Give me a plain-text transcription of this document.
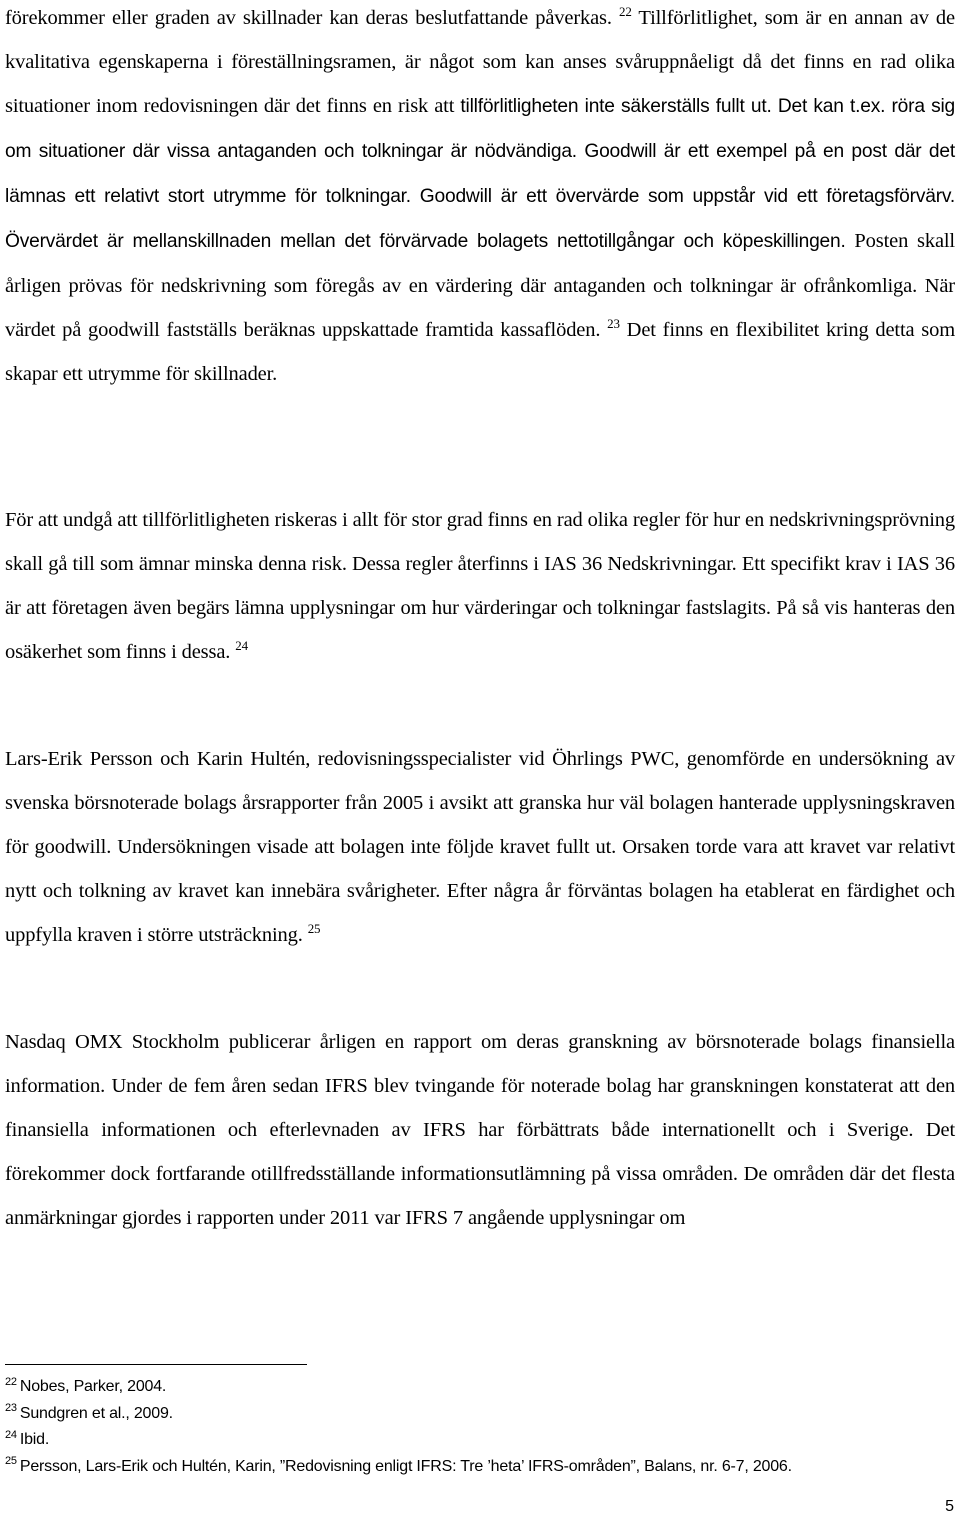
förekommer eller graden av skillnader kan deras beslutfattande påverkas. $^{22}$ Tillförlitlighet, som är en annan av de kvalitativa egenskaperna i föreställningsramen, är något som kan anses svåruppnåeligt då det finns en rad olika situationer inom redovisningen där det finns en risk att tillförlitligheten inte säkerställs fullt ut. Det kan t.ex. röra sig om situationer där vissa antaganden och tolkningar är nödvändiga. Goodwill är ett exempel på en post där det lämnas ett relativt stort utrymme för tolkningar. Goodwill är ett övervärde som uppstår vid ett företagsförvärv. Övervärdet är mellanskillnaden mellan det förvärvade bolagets nettotillgångar och köpeskillingen. Posten skall årligen prövas för nedskrivning som föregås av en värdering där antaganden och tolkningar är ofrånkomliga. När värdet på goodwill fastställs beräknas uppskattade framtida kassaflöden. $^{23}$ Det finns en flexibilitet kring detta som skapar ett utrymme för skillnader.

För att undgå att tillförlitligheten riskeras i allt för stor grad finns en rad olika regler för hur en nedskrivningsprövning skall gå till som ämnar minska denna risk. Dessa regler återfinns i IAS 36 Nedskrivningar. Ett specifikt krav i IAS 36 är att företagen även begärs lämna upplysningar om hur värderingar och tolkningar fastslagits. På så vis hanteras den osäkerhet som finns i dessa. $^{24}$

Lars-Erik Persson och Karin Hultén, redovisningsspecialister vid Öhrlings PWC, genomförde en undersökning av svenska börsnoterade bolags årsrapporter från 2005 i avsikt att granska hur väl bolagen hanterade upplysningskraven för goodwill. Undersökningen visade att bolagen inte följde kravet fullt ut. Orsaken torde vara att kravet var relativt nytt och tolkning av kravet kan innebära svårigheter. Efter några år förväntas bolagen ha etablerat en färdighet och uppfylla kraven i större utsträckning. $^{25}$

Nasdaq OMX Stockholm publicerar årligen en rapport om deras granskning av börsnoterade bolags finansiella information. Under de fem åren sedan IFRS blev tvingande för noterade bolag har granskningen konstaterat att den finansiella informationen och efterlevnaden av IFRS har förbättrats både internationellt och i Sverige. Det förekommer dock fortfarande otillfredsställande informationsutlämning på vissa områden. De områden där det flesta anmärkningar gjordes i rapporten under 2011 var IFRS 7 angående upplysningar om

$^{22}$ Nobes, Parker, 2004.
$^{23}$ Sundgren et al., 2009.
$^{24}$ Ibid.
$^{25}$ Persson, Lars-Erik och Hultén, Karin, ”Redovisning enligt IFRS: Tre ’heta’ IFRS-områden”, Balans, nr. 6-7, 2006.
5
